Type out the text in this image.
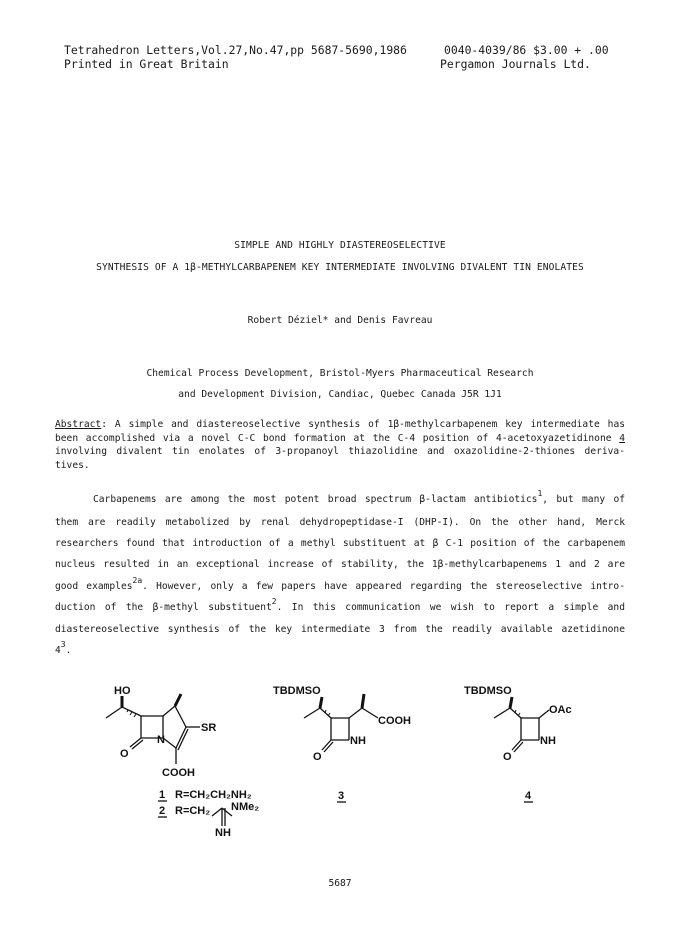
Tetrahedron Letters,Vol.27,No.47,pp 5687-5690,1986
Printed in Great Britain
0040-4039/86 $3.00 + .00
Pergamon Journals Ltd.
SIMPLE AND HIGHLY DIASTEREOSELECTIVE
SYNTHESIS OF A 1β-METHYLCARBAPENEM KEY INTERMEDIATE INVOLVING DIVALENT TIN ENOLATES
Robert Déziel* and Denis Favreau
Chemical Process Development, Bristol-Myers Pharmaceutical Research
and Development Division, Candiac, Quebec Canada J5R 1J1
Abstract: A simple and diastereoselective synthesis of 1β-methylcarbapenem key intermediate has
been accomplished via a novel C-C bond formation at the C-4 position of 4-acetoxyazetidinone 4
involving divalent tin enolates of 3-propanoyl thiazolidine and oxazolidine-2-thiones deriva-
tives.
Carbapenems are among the most potent broad spectrum β-lactam antibiotics$^1$, but many of
them are readily metabolized by renal dehydropeptidase-I (DHP-I). On the other hand, Merck
researchers found that introduction of a methyl substituent at β C-1 position of the carbapenem
nucleus resulted in an exceptional increase of stability, the 1β-methylcarbapenems 1 and 2 are
good examples$^{2a}$. However, only a few papers have appeared regarding the stereoselective intro-
duction of the β-methyl substituent$^2$. In this communication we wish to report a simple and
diastereoselective synthesis of the key intermediate 3 from the readily available azetidinone
$4^3$.
HO
N
SR
O
COOH
1 R=CH₂CH₂NH₂
2 R=CH₂ NMe₂
NH
TBDMSO
COOH
NH
O
3
TBDMSO
OAc
NH
O
4
5687
